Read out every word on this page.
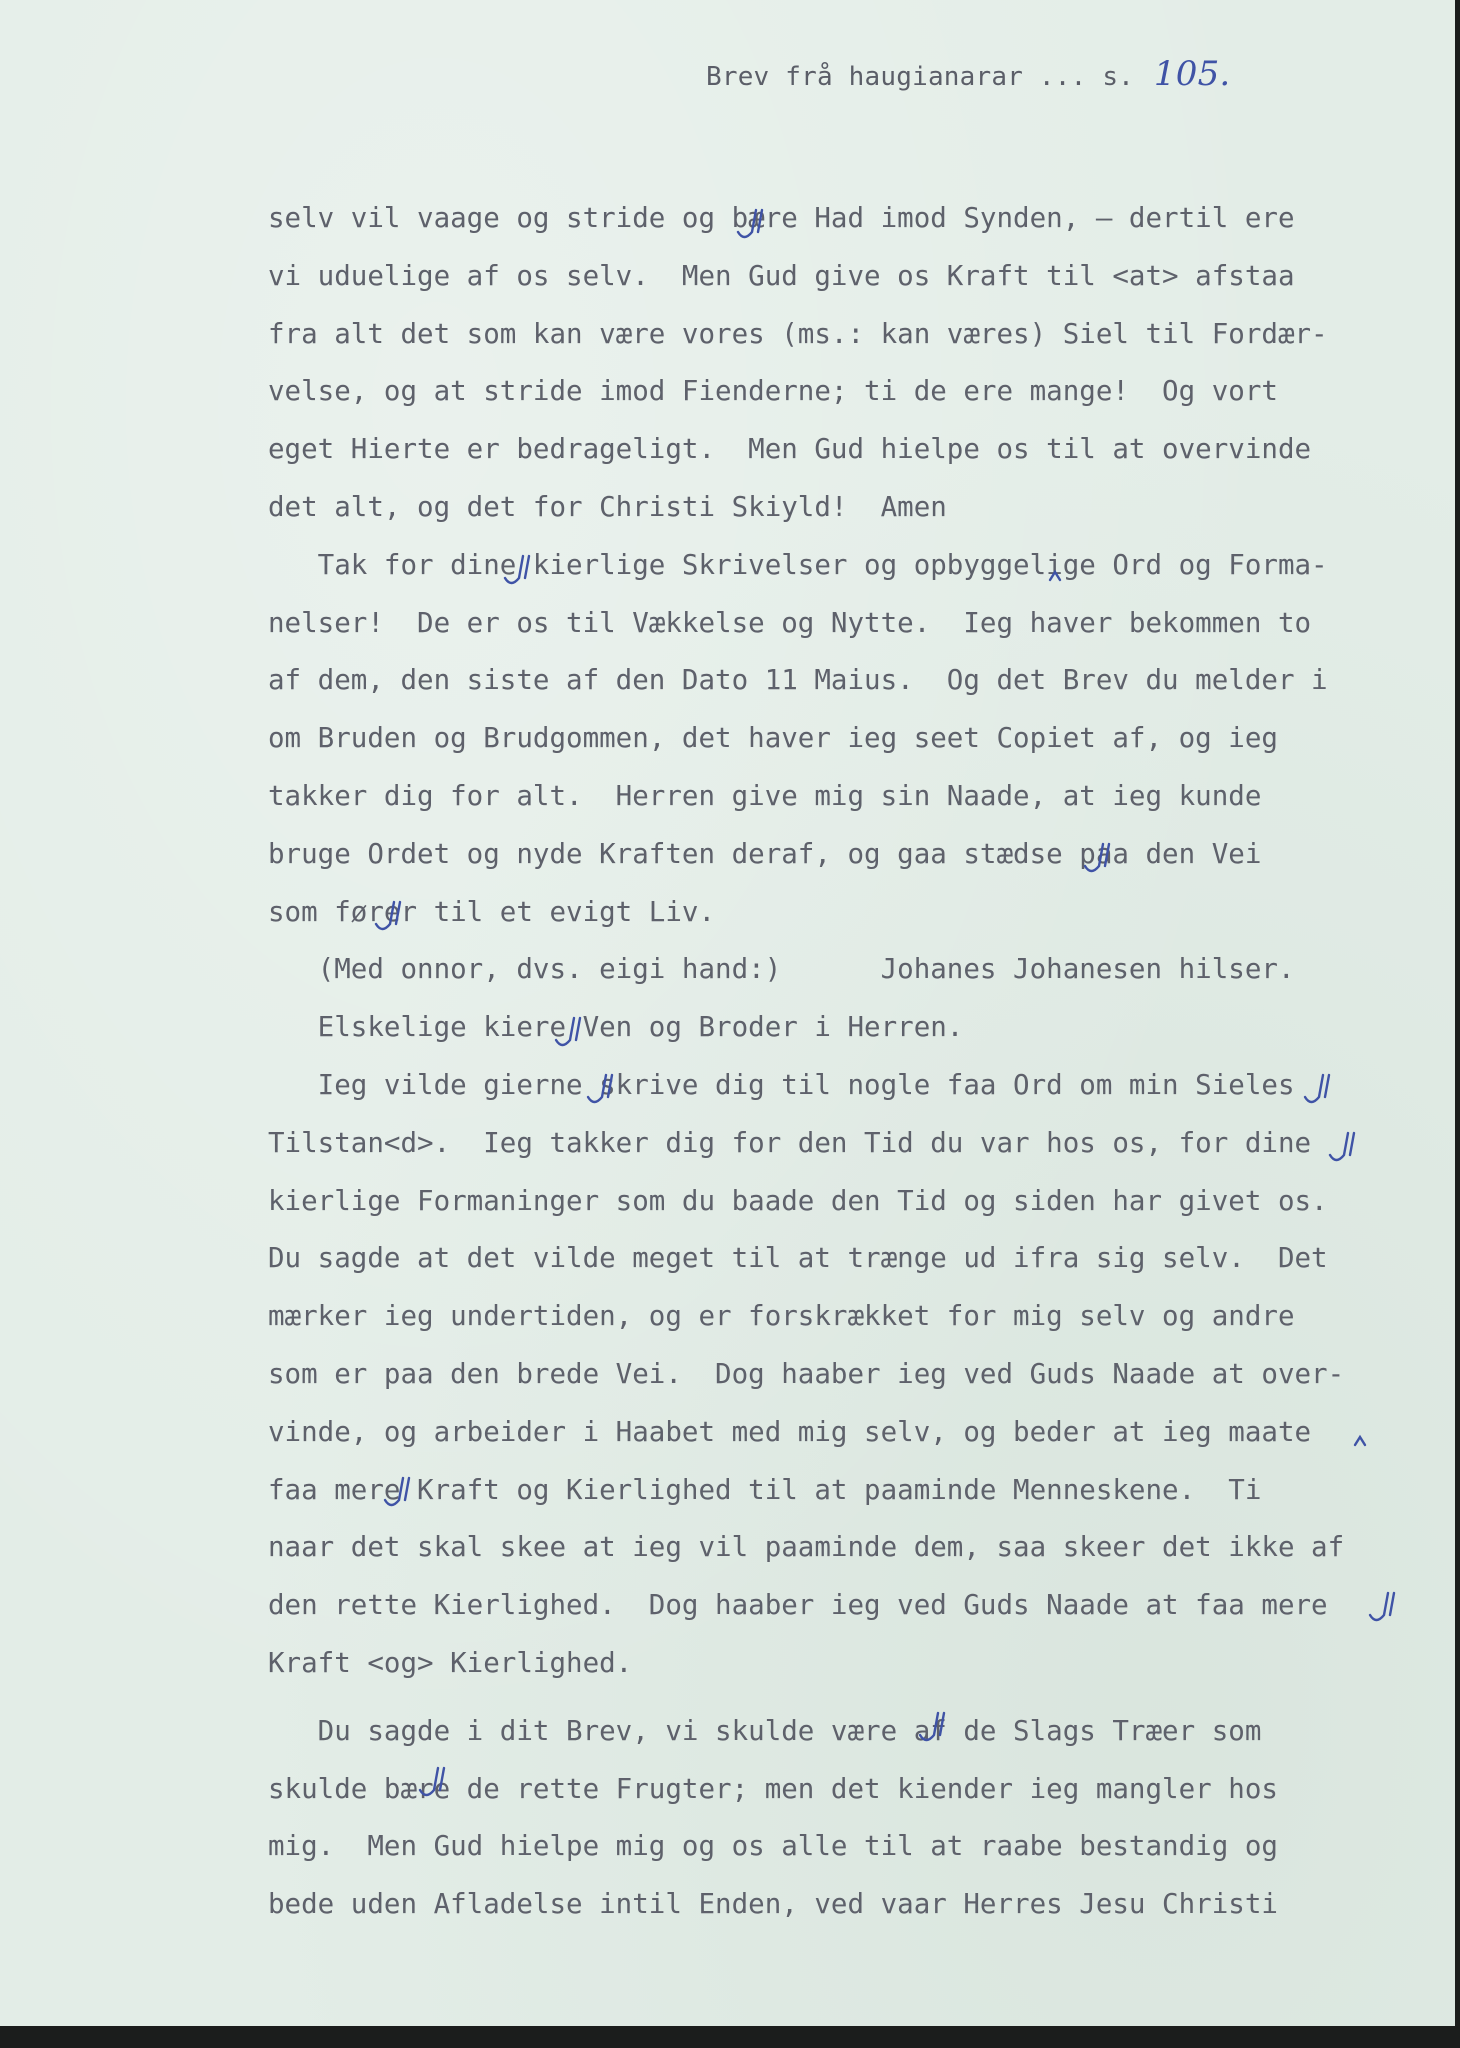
Brev frå haugianarar ... s. 105.
selv vil vaage og stride og bære Had imod Synden, — dertil ere
vi uduelige af os selv.  Men Gud give os Kraft til <at> afstaa
fra alt det som kan være vores (ms.: kan væres) Siel til Fordær-
velse, og at stride imod Fienderne; ti de ere mange!  Og vort
eget Hierte er bedrageligt.  Men Gud hielpe os til at overvinde
det alt, og det for Christi Skiyld!  Amen
Tak for dine kierlige Skrivelser og opbyggelige Ord og Forma-
nelser!  De er os til Vækkelse og Nytte.  Ieg haver bekommen to
af dem, den siste af den Dato 11 Maius.  Og det Brev du melder i
om Bruden og Brudgommen, det haver ieg seet Copiet af, og ieg
takker dig for alt.  Herren give mig sin Naade, at ieg kunde
bruge Ordet og nyde Kraften deraf, og gaa stædse paa den Vei
som fører til et evigt Liv.
(Med onnor, dvs. eigi hand:)      Johanes Johanesen hilser.
Elskelige kiere Ven og Broder i Herren.
Ieg vilde gierne skrive dig til nogle faa Ord om min Sieles
Tilstan<d>.  Ieg takker dig for den Tid du var hos os, for dine
kierlige Formaninger som du baade den Tid og siden har givet os.
Du sagde at det vilde meget til at trænge ud ifra sig selv.  Det
mærker ieg undertiden, og er forskrækket for mig selv og andre
som er paa den brede Vei.  Dog haaber ieg ved Guds Naade at over-
vinde, og arbeider i Haabet med mig selv, og beder at ieg maate
faa mere Kraft og Kierlighed til at paaminde Menneskene.  Ti
naar det skal skee at ieg vil paaminde dem, saa skeer det ikke af
den rette Kierlighed.  Dog haaber ieg ved Guds Naade at faa mere
Kraft <og> Kierlighed.
Du sagde i dit Brev, vi skulde være af de Slags Træer som
skulde bære de rette Frugter; men det kiender ieg mangler hos
mig.  Men Gud hielpe mig og os alle til at raabe bestandig og
bede uden Afladelse intil Enden, ved vaar Herres Jesu Christi
